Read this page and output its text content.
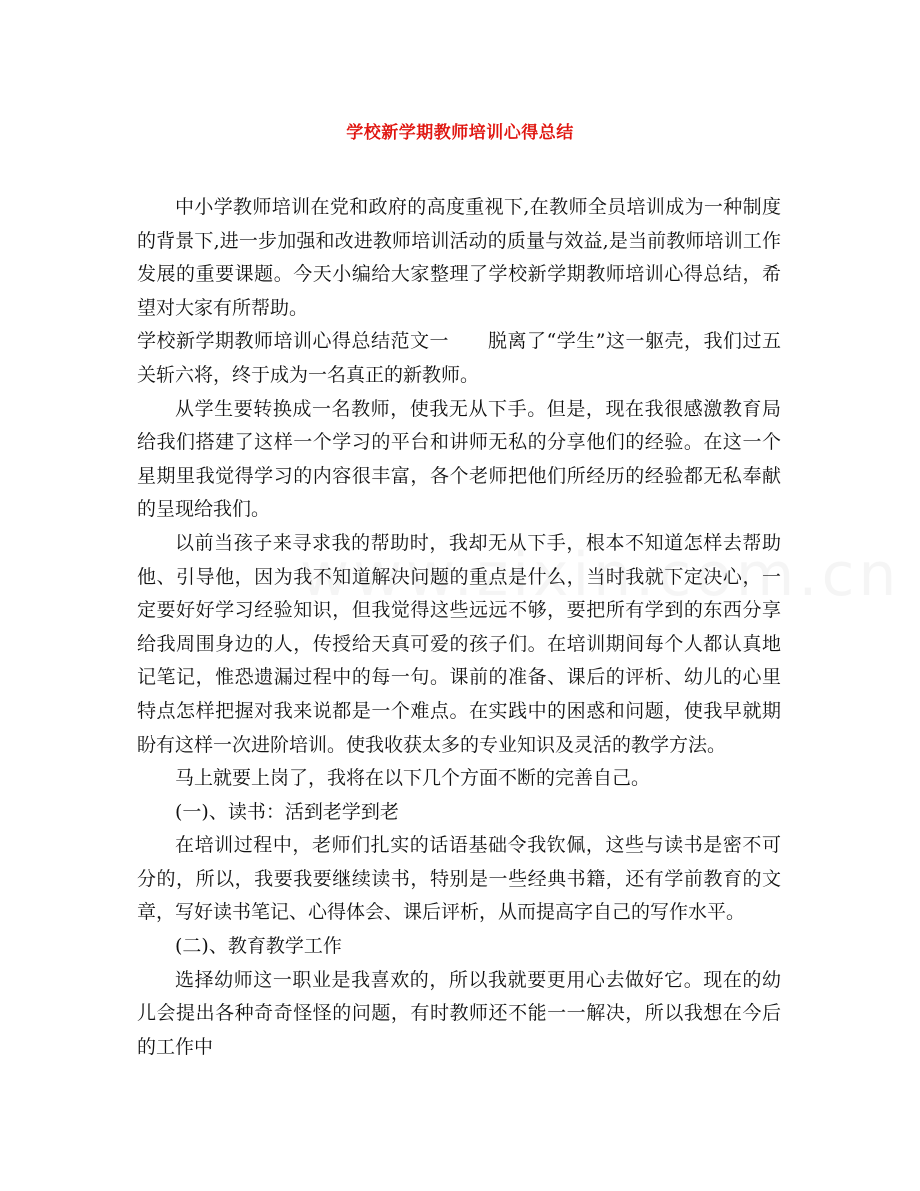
学校新学期教师培训心得总结

中小学教师培训在党和政府的高度重视下,在教师全员培训成为一种制度的背景下,进一步加强和改进教师培训活动的质量与效益,是当前教师培训工作发展的重要课题。今天小编给大家整理了学校新学期教师培训心得总结，希望对大家有所帮助。

学校新学期教师培训心得总结范文一　　脱离了“学生”这一躯壳，我们过五关斩六将，终于成为一名真正的新教师。

从学生要转换成一名教师，使我无从下手。但是，现在我很感激教育局给我们搭建了这样一个学习的平台和讲师无私的分享他们的经验。在这一个星期里我觉得学习的内容很丰富，各个老师把他们所经历的经验都无私奉献的呈现给我们。

以前当孩子来寻求我的帮助时，我却无从下手，根本不知道怎样去帮助他、引导他，因为我不知道解决问题的重点是什么，当时我就下定决心，一定要好好学习经验知识，但我觉得这些远远不够，要把所有学到的东西分享给我周围身边的人，传授给天真可爱的孩子们。在培训期间每个人都认真地记笔记，惟恐遗漏过程中的每一句。课前的准备、课后的评析、幼儿的心里特点怎样把握对我来说都是一个难点。在实践中的困惑和问题，使我早就期盼有这样一次进阶培训。使我收获太多的专业知识及灵活的教学方法。

马上就要上岗了，我将在以下几个方面不断的完善自己。

(一)、读书：活到老学到老

在培训过程中，老师们扎实的话语基础令我钦佩，这些与读书是密不可分的，所以，我要我要继续读书，特别是一些经典书籍，还有学前教育的文章，写好读书笔记、心得体会、课后评析，从而提高字自己的写作水平。

(二)、教育教学工作

选择幼师这一职业是我喜欢的，所以我就要更用心去做好它。现在的幼儿会提出各种奇奇怪怪的问题，有时教师还不能一一解决，所以我想在今后的工作中
